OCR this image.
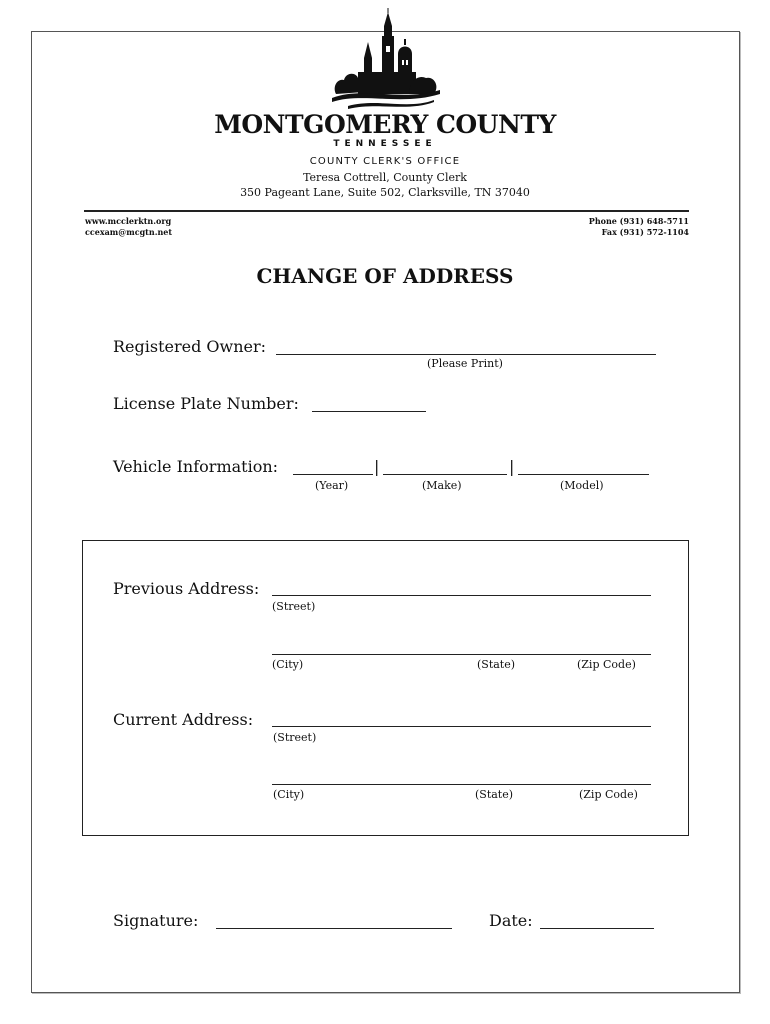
MONTGOMERY COUNTY
TENNESSEE
COUNTY CLERK'S OFFICE
Teresa Cottrell, County Clerk
350 Pageant Lane, Suite 502, Clarksville, TN 37040
www.mcclerktn.org
ccexam@mcgtn.net
Phone (931) 648-5711
Fax (931) 572-1104
CHANGE OF ADDRESS
Registered Owner:
(Please Print)
License Plate Number:
Vehicle Information:	|	|
(Year)	(Make)	(Model)
Previous Address:
(Street)
(City)	(State)	(Zip Code)
Current Address:
(Street)
(City)	(State)	(Zip Code)
Signature:	Date:
